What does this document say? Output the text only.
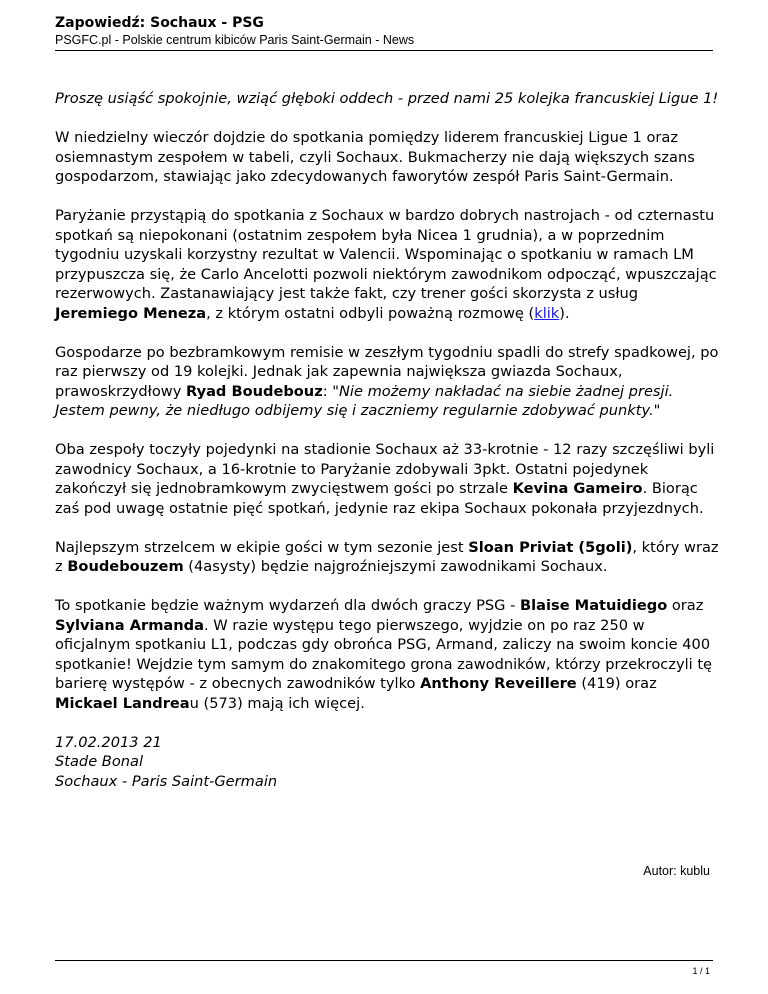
Zapowiedź: Sochaux - PSG
PSGFC.pl - Polskie centrum kibiców Paris Saint-Germain - News

Proszę usiąść spokojnie, wziąć głęboki oddech - przed nami 25 kolejka francuskiej Ligue 1!

W niedzielny wieczór dojdzie do spotkania pomiędzy liderem francuskiej Ligue 1 oraz osiemnastym zespołem w tabeli, czyli Sochaux. Bukmacherzy nie dają większych szans gospodarzom, stawiając jako zdecydowanych faworytów zespół Paris Saint-Germain.

Paryżanie przystąpią do spotkania z Sochaux w bardzo dobrych nastrojach - od czternastu spotkań są niepokonani (ostatnim zespołem była Nicea 1 grudnia), a w poprzednim tygodniu uzyskali korzystny rezultat w Valencii. Wspominając o spotkaniu w ramach LM przypuszcza się, że Carlo Ancelotti pozwoli niektórym zawodnikom odpocząć, wpuszczając rezerwowych. Zastanawiający jest także fakt, czy trener gości skorzysta z usług Jeremiego Meneza, z którym ostatni odbyli poważną rozmowę (klik).

Gospodarze po bezbramkowym remisie w zeszłym tygodniu spadli do strefy spadkowej, po raz pierwszy od 19 kolejki. Jednak jak zapewnia największa gwiazda Sochaux, prawoskrzydłowy Ryad Boudebouz: "Nie możemy nakładać na siebie żadnej presji. Jestem pewny, że niedługo odbijemy się i zaczniemy regularnie zdobywać punkty."

Oba zespoły toczyły pojedynki na stadionie Sochaux aż 33-krotnie - 12 razy szczęśliwi byli zawodnicy Sochaux, a 16-krotnie to Paryżanie zdobywali 3pkt. Ostatni pojedynek zakończył się jednobramkowym zwycięstwem gości po strzale Kevina Gameiro. Biorąc zaś pod uwagę ostatnie pięć spotkań, jedynie raz ekipa Sochaux pokonała przyjezdnych.

Najlepszym strzelcem w ekipie gości w tym sezonie jest Sloan Priviat (5goli), który wraz z Boudebouzem (4asysty) będzie najgroźniejszymi zawodnikami Sochaux.

To spotkanie będzie ważnym wydarzeń dla dwóch graczy PSG - Blaise Matuidiego oraz Sylviana Armanda. W razie występu tego pierwszego, wyjdzie on po raz 250 w oficjalnym spotkaniu L1, podczas gdy obrońca PSG, Armand, zaliczy na swoim koncie 400 spotkanie! Wejdzie tym samym do znakomitego grona zawodników, którzy przekroczyli tę barierę występów - z obecnych zawodników tylko Anthony Reveillere (419) oraz Mickael Landreau (573) mają ich więcej.

17.02.2013 21
Stade Bonal
Sochaux - Paris Saint-Germain

Autor: kublu
1 / 1
